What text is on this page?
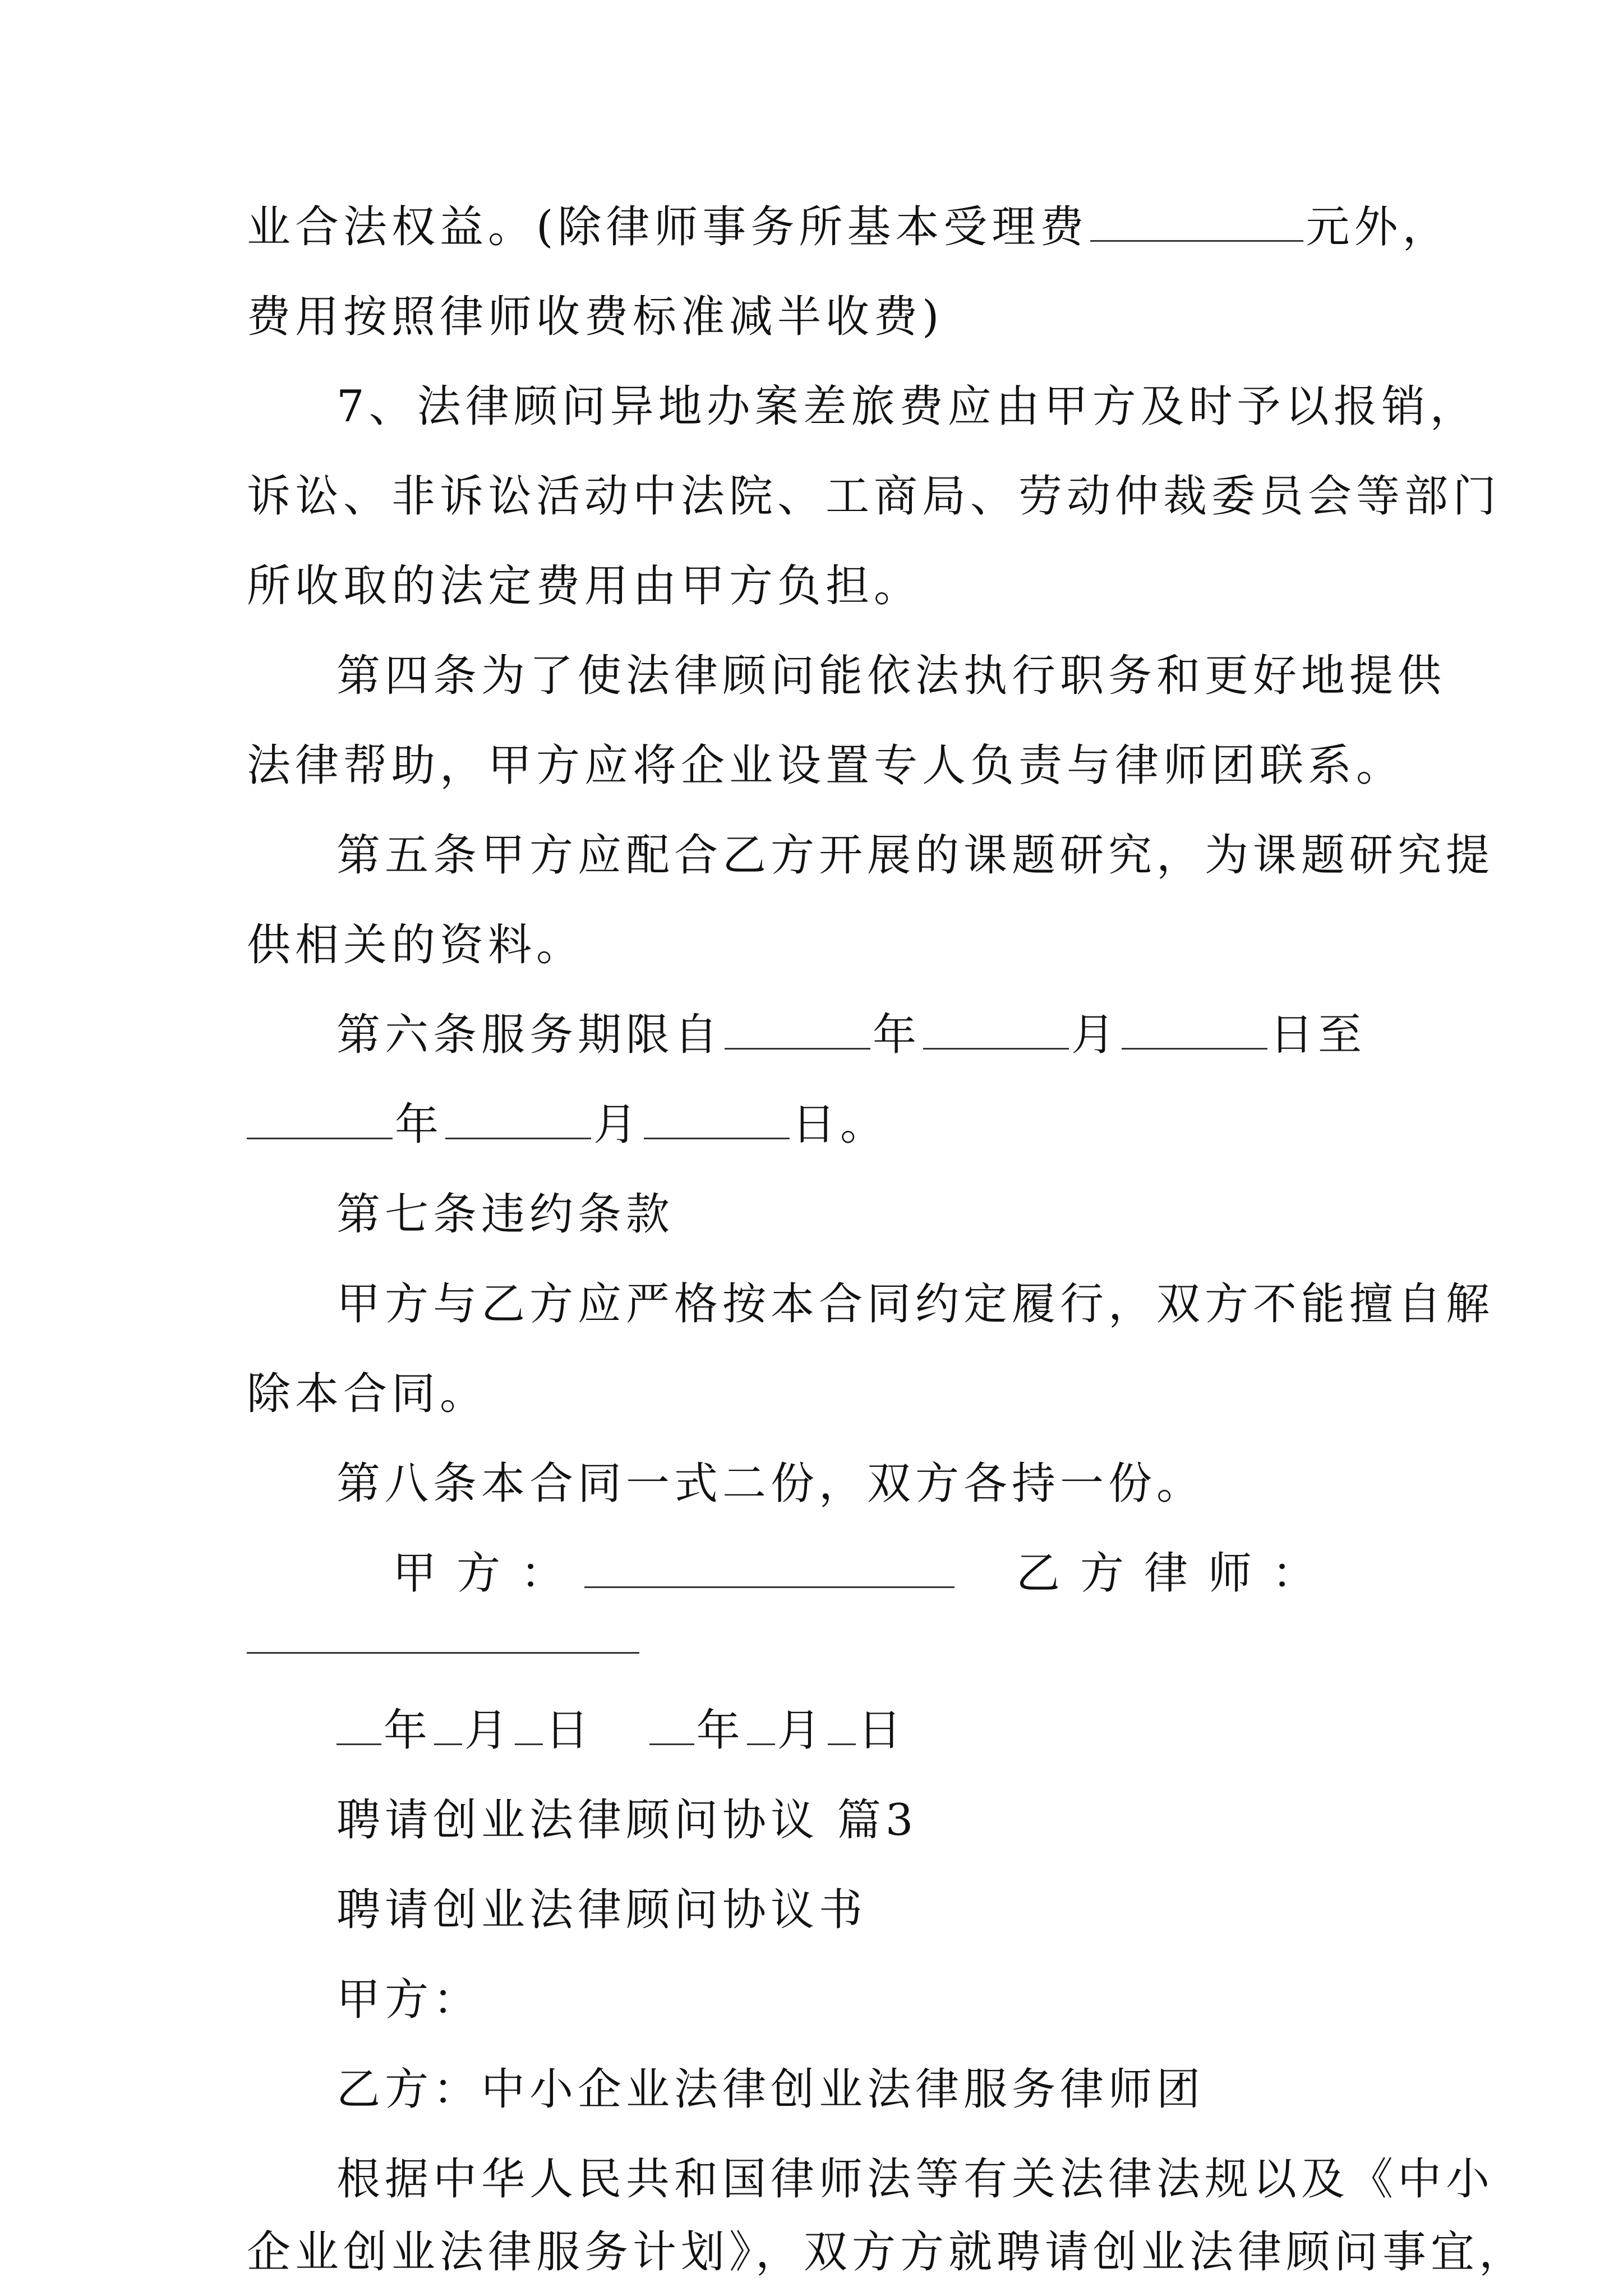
业合法权益。(除律师事务所基本受理费	元外，
费用按照律师收费标准减半收费)
7、法律顾问异地办案差旅费应由甲方及时予以报销，
诉讼、非诉讼活动中法院、工商局、劳动仲裁委员会等部门
所收取的法定费用由甲方负担。
第四条为了使法律顾问能依法执行职务和更好地提供
法律帮助，甲方应将企业设置专人负责与律师团联系。
第五条甲方应配合乙方开展的课题研究，为课题研究提
供相关的资料。
第六条服务期限自	年	月	日至
年	月	日。
第七条违约条款
甲方与乙方应严格按本合同约定履行，双方不能擅自解
除本合同。
第八条本合同一式二份，双方各持一份。
甲方：	乙方律师：
年 月 日 年 月 日
聘请创业法律顾问协议 篇3
聘请创业法律顾问协议书
甲方：
乙方：中小企业法律创业法律服务律师团
根据中华人民共和国律师法等有关法律法规以及《中小
企业创业法律服务计划》，双方方就聘请创业法律顾问事宜，
